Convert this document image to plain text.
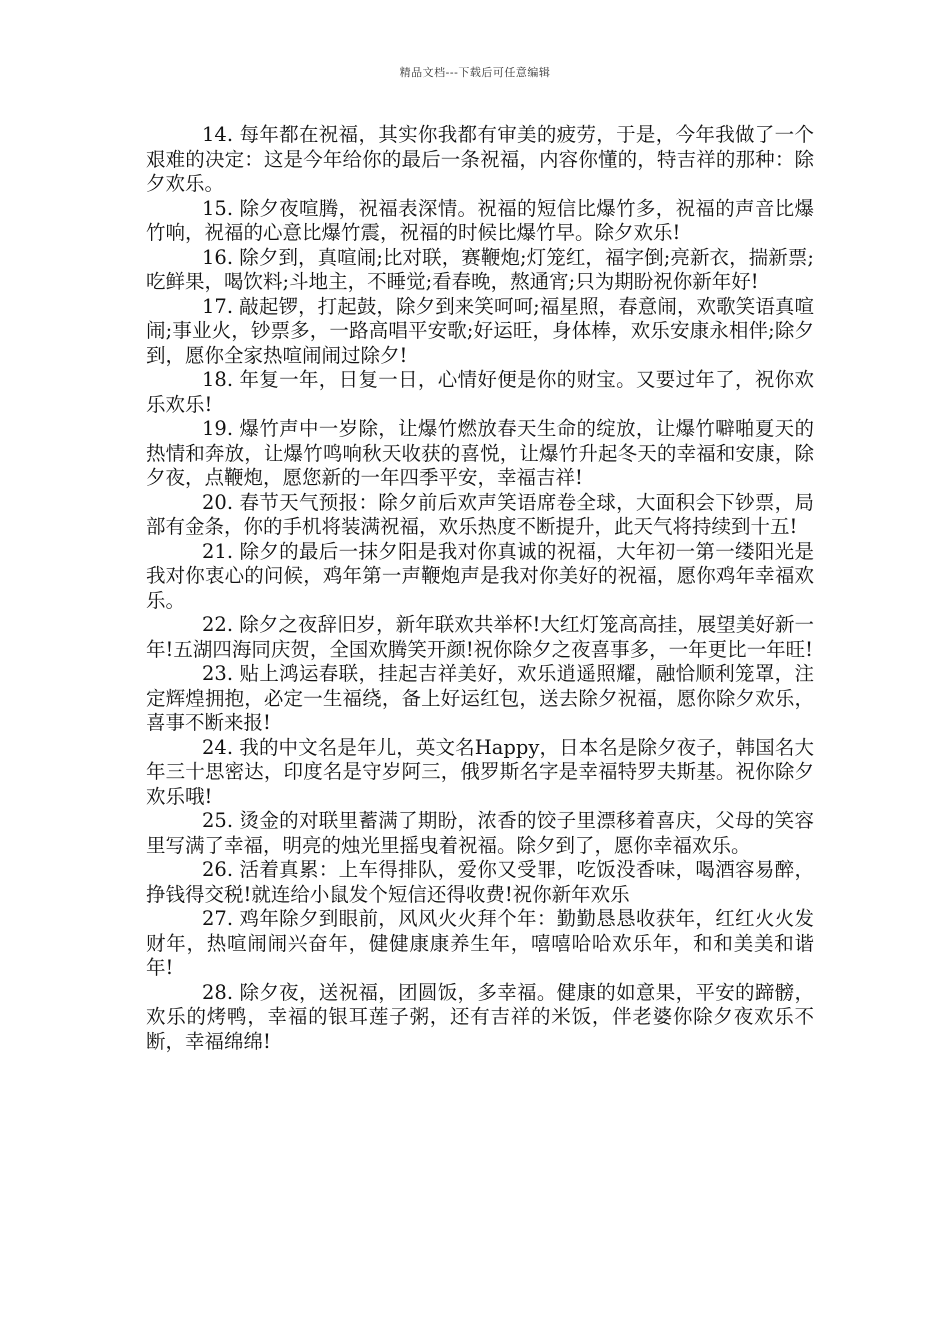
精品文档---下载后可任意编辑

14. 每年都在祝福，其实你我都有审美的疲劳，于是，今年我做了一个艰难的决定：这是今年给你的最后一条祝福，内容你懂的，特吉祥的那种：除夕欢乐。

15. 除夕夜喧腾，祝福表深情。祝福的短信比爆竹多，祝福的声音比爆竹响，祝福的心意比爆竹震，祝福的时候比爆竹早。除夕欢乐!

16. 除夕到，真喧闹;比对联，赛鞭炮;灯笼红，福字倒;亮新衣，揣新票;吃鲜果，喝饮料;斗地主，不睡觉;看春晚，熬通宵;只为期盼祝你新年好!

17. 敲起锣，打起鼓，除夕到来笑呵呵;福星照，春意闹，欢歌笑语真喧闹;事业火，钞票多，一路高唱平安歌;好运旺，身体棒，欢乐安康永相伴;除夕到，愿你全家热喧闹闹过除夕!

18. 年复一年，日复一日，心情好便是你的财宝。又要过年了，祝你欢乐欢乐!

19. 爆竹声中一岁除，让爆竹燃放春天生命的绽放，让爆竹噼啪夏天的热情和奔放，让爆竹鸣响秋天收获的喜悦，让爆竹升起冬天的幸福和安康，除夕夜，点鞭炮，愿您新的一年四季平安，幸福吉祥!

20. 春节天气预报：除夕前后欢声笑语席卷全球，大面积会下钞票，局部有金条，你的手机将装满祝福，欢乐热度不断提升，此天气将持续到十五!

21. 除夕的最后一抹夕阳是我对你真诚的祝福，大年初一第一缕阳光是我对你衷心的问候，鸡年第一声鞭炮声是我对你美好的祝福，愿你鸡年幸福欢乐。

22. 除夕之夜辞旧岁，新年联欢共举杯!大红灯笼高高挂，展望美好新一年!五湖四海同庆贺，全国欢腾笑开颜!祝你除夕之夜喜事多，一年更比一年旺!

23. 贴上鸿运春联，挂起吉祥美好，欢乐逍遥照耀，融恰顺利笼罩，注定辉煌拥抱，必定一生福绕，备上好运红包，送去除夕祝福，愿你除夕欢乐，喜事不断来报!

24. 我的中文名是年儿，英文名Happy，日本名是除夕夜子，韩国名大年三十思密达，印度名是守岁阿三，俄罗斯名字是幸福特罗夫斯基。祝你除夕欢乐哦!

25. 烫金的对联里蓄满了期盼，浓香的饺子里漂移着喜庆，父母的笑容里写满了幸福，明亮的烛光里摇曳着祝福。除夕到了，愿你幸福欢乐。

26. 活着真累：上车得排队，爱你又受罪，吃饭没香味，喝酒容易醉，挣钱得交税!就连给小鼠发个短信还得收费!祝你新年欢乐

27. 鸡年除夕到眼前，风风火火拜个年：勤勤恳恳收获年，红红火火发财年，热喧闹闹兴奋年，健健康康养生年，嘻嘻哈哈欢乐年，和和美美和谐年!

28. 除夕夜，送祝福，团圆饭，多幸福。健康的如意果，平安的蹄髈，欢乐的烤鸭，幸福的银耳莲子粥，还有吉祥的米饭，伴老婆你除夕夜欢乐不断，幸福绵绵!
